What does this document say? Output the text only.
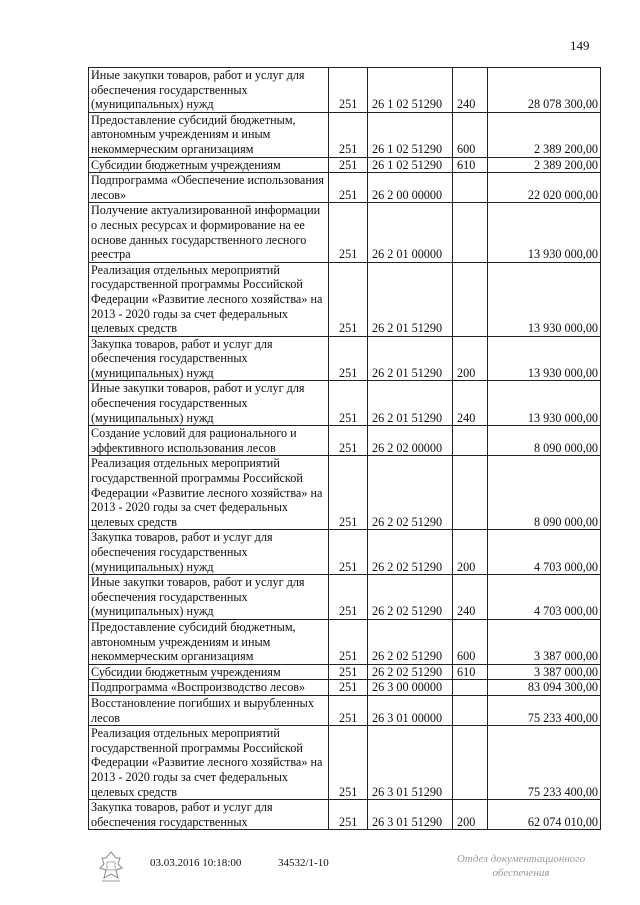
149
Иные закупки товаров, работ и услуг для обеспечения государственных (муниципальных) нужд	251	26 1 02 51290	240	28 078 300,00
Предоставление субсидий бюджетным, автономным учреждениям и иным некоммерческим организациям	251	26 1 02 51290	600	2 389 200,00
Субсидии бюджетным учреждениям	251	26 1 02 51290	610	2 389 200,00
Подпрограмма «Обеспечение использования лесов»	251	26 2 00 00000		22 020 000,00
Получение актуализированной информации о лесных ресурсах и формирование на ее основе данных государственного лесного реестра	251	26 2 01 00000		13 930 000,00
Реализация отдельных мероприятий государственной программы Российской Федерации «Развитие лесного хозяйства» на 2013 - 2020 годы за счет федеральных целевых средств	251	26 2 01 51290		13 930 000,00
Закупка товаров, работ и услуг для обеспечения государственных (муниципальных) нужд	251	26 2 01 51290	200	13 930 000,00
Иные закупки товаров, работ и услуг для обеспечения государственных (муниципальных) нужд	251	26 2 01 51290	240	13 930 000,00
Создание условий для рационального и эффективного использования лесов	251	26 2 02 00000		8 090 000,00
Реализация отдельных мероприятий государственной программы Российской Федерации «Развитие лесного хозяйства» на 2013 - 2020 годы за счет федеральных целевых средств	251	26 2 02 51290		8 090 000,00
Закупка товаров, работ и услуг для обеспечения государственных (муниципальных) нужд	251	26 2 02 51290	200	4 703 000,00
Иные закупки товаров, работ и услуг для обеспечения государственных (муниципальных) нужд	251	26 2 02 51290	240	4 703 000,00
Предоставление субсидий бюджетным, автономным учреждениям и иным некоммерческим организациям	251	26 2 02 51290	600	3 387 000,00
Субсидии бюджетным учреждениям	251	26 2 02 51290	610	3 387 000,00
Подпрограмма «Воспроизводство лесов»	251	26 3 00 00000		83 094 300,00
Восстановление погибших и вырубленных лесов	251	26 3 01 00000		75 233 400,00
Реализация отдельных мероприятий государственной программы Российской Федерации «Развитие лесного хозяйства» на 2013 - 2020 годы за счет федеральных целевых средств	251	26 3 01 51290		75 233 400,00
Закупка товаров, работ и услуг для обеспечения государственных	251	26 3 01 51290	200	62 074 010,00
03.03.2016 10:18:00	34532/1-10	Отдел документационного
обеспечения
